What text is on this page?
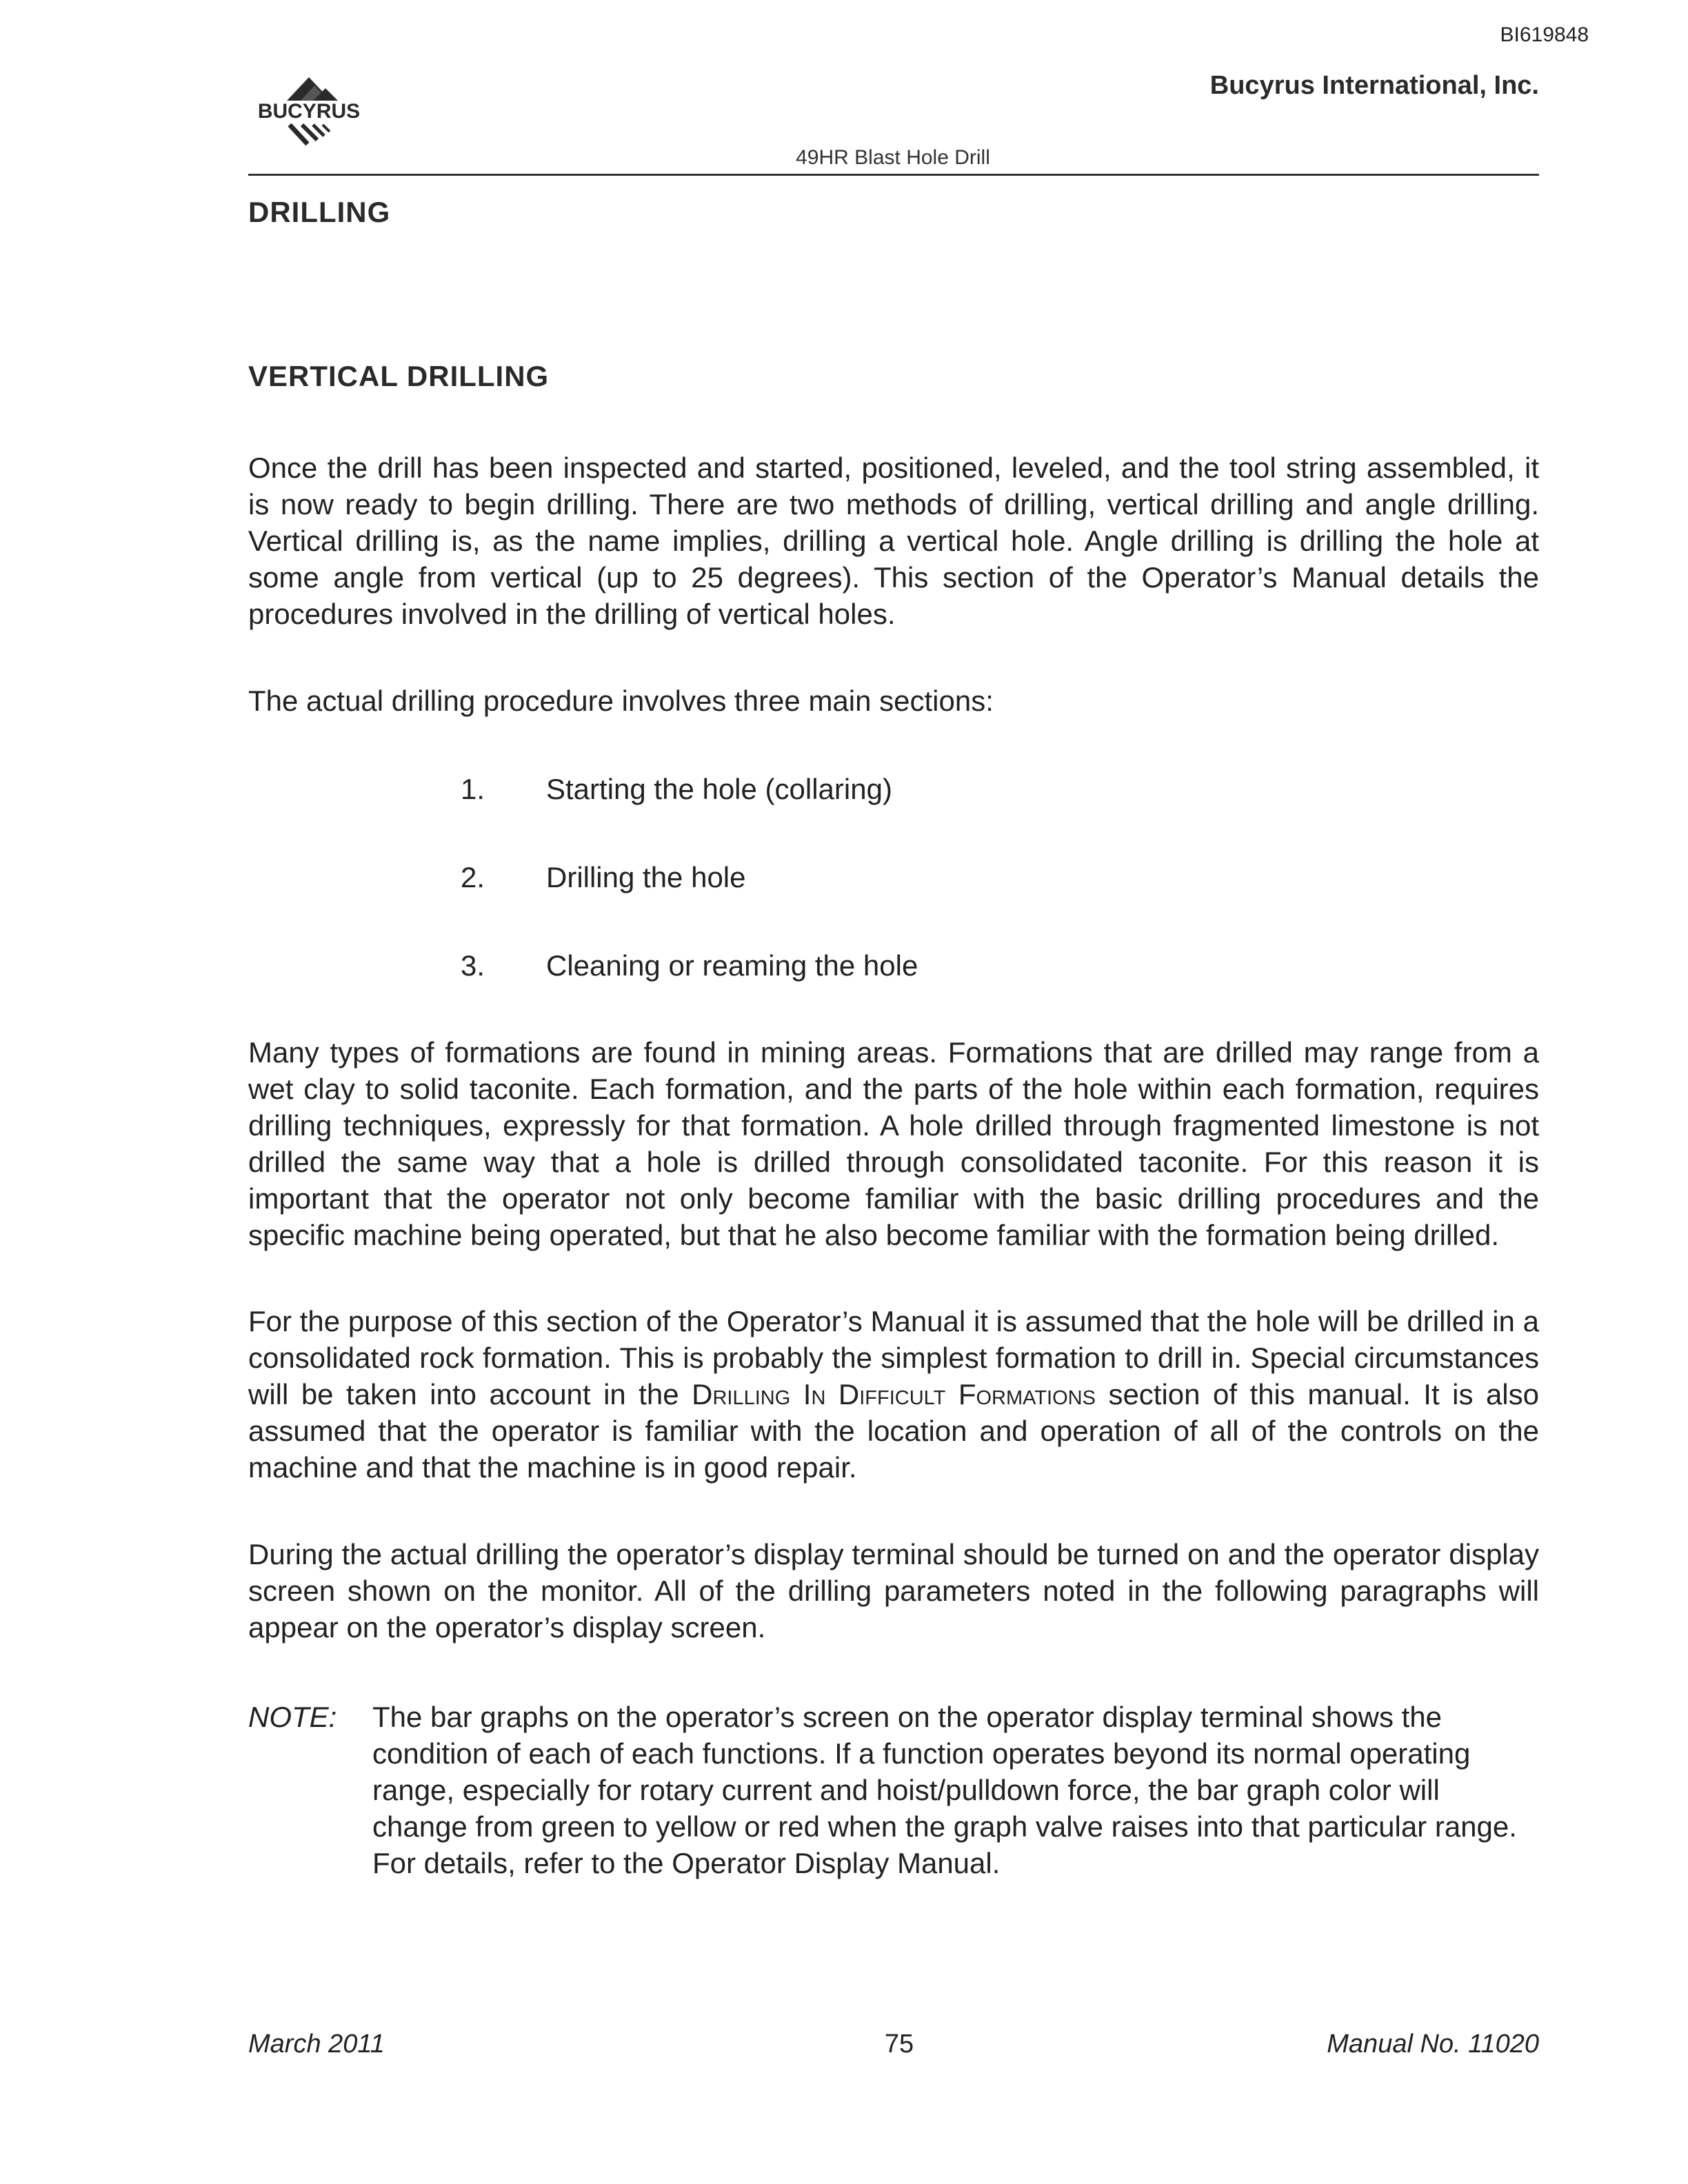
BI619848
BUCYRUS
Bucyrus International, Inc.
49HR Blast Hole Drill
DRILLING
VERTICAL DRILLING

Once the drill has been inspected and started, positioned, leveled, and the tool string assembled, it is now ready to begin drilling. There are two methods of drilling, vertical drilling and angle drilling. Vertical drilling is, as the name implies, drilling a vertical hole. Angle drilling is drilling the hole at some angle from vertical (up to 25 degrees). This section of the Operator’s Manual details the procedures involved in the drilling of vertical holes.

The actual drilling procedure involves three main sections:

1. Starting the hole (collaring)
2. Drilling the hole
3. Cleaning or reaming the hole

Many types of formations are found in mining areas. Formations that are drilled may range from a wet clay to solid taconite. Each formation, and the parts of the hole within each formation, requires drilling techniques, expressly for that formation. A hole drilled through fragmented limestone is not drilled the same way that a hole is drilled through consolidated taconite. For this reason it is important that the operator not only become familiar with the basic drilling procedures and the specific machine being operated, but that he also become familiar with the formation being drilled.

For the purpose of this section of the Operator’s Manual it is assumed that the hole will be drilled in a consolidated rock formation. This is probably the simplest formation to drill in. Special circumstances will be taken into account in the Drilling In Difficult Formations section of this manual. It is also assumed that the operator is familiar with the location and operation of all of the controls on the machine and that the machine is in good repair.

During the actual drilling the operator’s display terminal should be turned on and the operator display screen shown on the monitor. All of the drilling parameters noted in the following paragraphs will appear on the operator’s display screen.

NOTE: The bar graphs on the operator’s screen on the operator display terminal shows the condition of each of each functions. If a function operates beyond its normal operating range, especially for rotary current and hoist/pulldown force, the bar graph color will change from green to yellow or red when the graph valve raises into that particular range. For details, refer to the Operator Display Manual.

March 2011	75	Manual No. 11020
